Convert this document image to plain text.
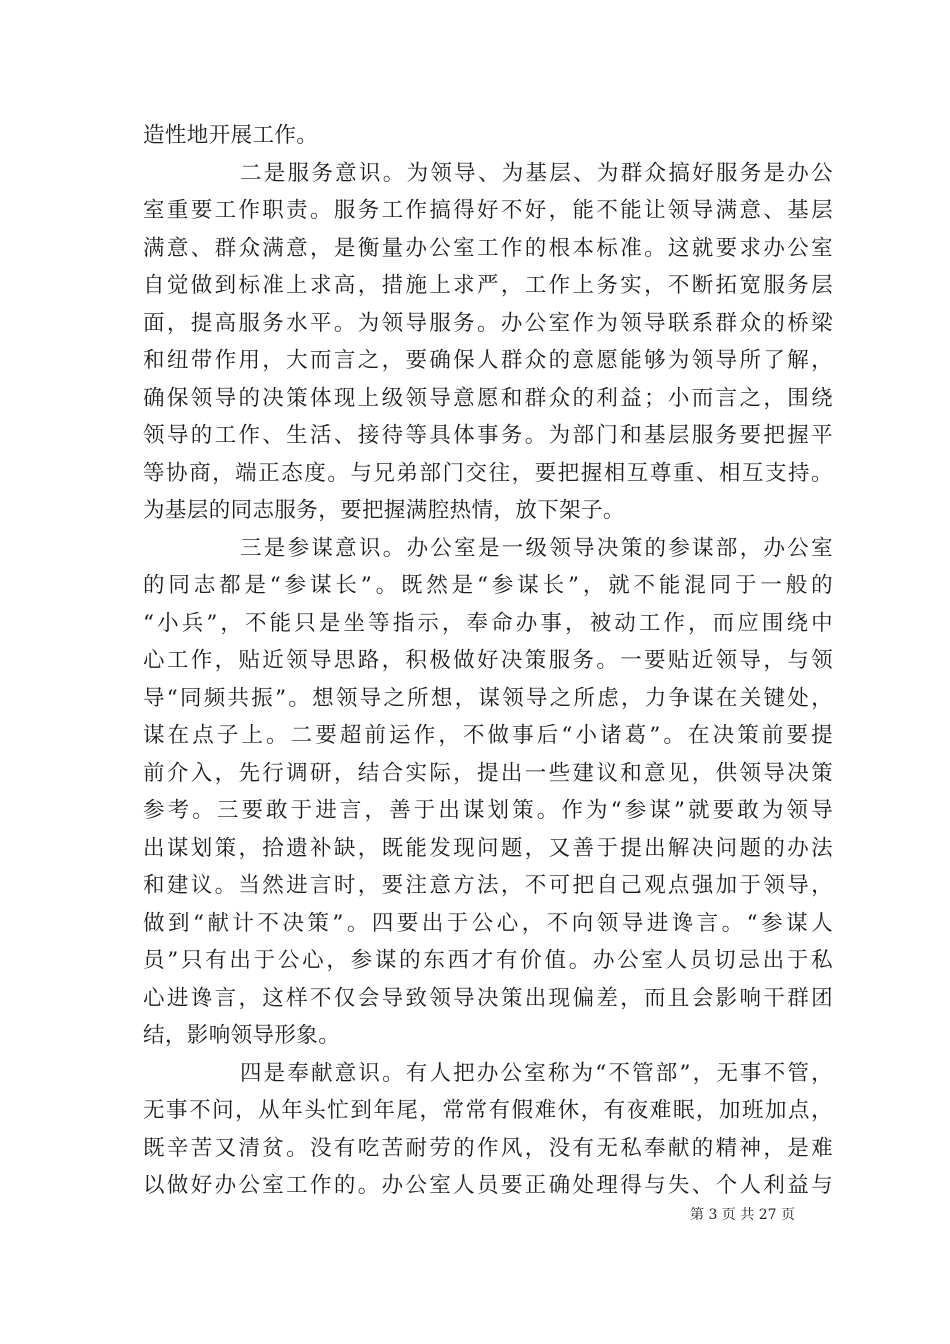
造性地开展工作。
二是服务意识。为领导、为基层、为群众搞好服务是办公
室重要工作职责。服务工作搞得好不好，能不能让领导满意、基层
满意、群众满意，是衡量办公室工作的根本标准。这就要求办公室
自觉做到标准上求高，措施上求严，工作上务实，不断拓宽服务层
面，提高服务水平。为领导服务。办公室作为领导联系群众的桥梁
和纽带作用，大而言之，要确保人群众的意愿能够为领导所了解，
确保领导的决策体现上级领导意愿和群众的利益；小而言之，围绕
领导的工作、生活、接待等具体事务。为部门和基层服务要把握平
等协商，端正态度。与兄弟部门交往，要把握相互尊重、相互支持。
为基层的同志服务，要把握满腔热情，放下架子。
三是参谋意识。办公室是一级领导决策的参谋部，办公室
的同志都是“参谋长”。既然是“参谋长”，就不能混同于一般的
“小兵”，不能只是坐等指示，奉命办事，被动工作，而应围绕中
心工作，贴近领导思路，积极做好决策服务。一要贴近领导，与领
导“同频共振”。想领导之所想，谋领导之所虑，力争谋在关键处，
谋在点子上。二要超前运作，不做事后“小诸葛”。在决策前要提
前介入，先行调研，结合实际，提出一些建议和意见，供领导决策
参考。三要敢于进言，善于出谋划策。作为“参谋”就要敢为领导
出谋划策，拾遗补缺，既能发现问题，又善于提出解决问题的办法
和建议。当然进言时，要注意方法，不可把自己观点强加于领导，
做到“献计不决策”。四要出于公心，不向领导进谗言。“参谋人
员”只有出于公心，参谋的东西才有价值。办公室人员切忌出于私
心进谗言，这样不仅会导致领导决策出现偏差，而且会影响干群团
结，影响领导形象。
四是奉献意识。有人把办公室称为“不管部”，无事不管，
无事不问，从年头忙到年尾，常常有假难休，有夜难眠，加班加点，
既辛苦又清贫。没有吃苦耐劳的作风，没有无私奉献的精神，是难
以做好办公室工作的。办公室人员要正确处理得与失、个人利益与
第 3 页 共 27 页
